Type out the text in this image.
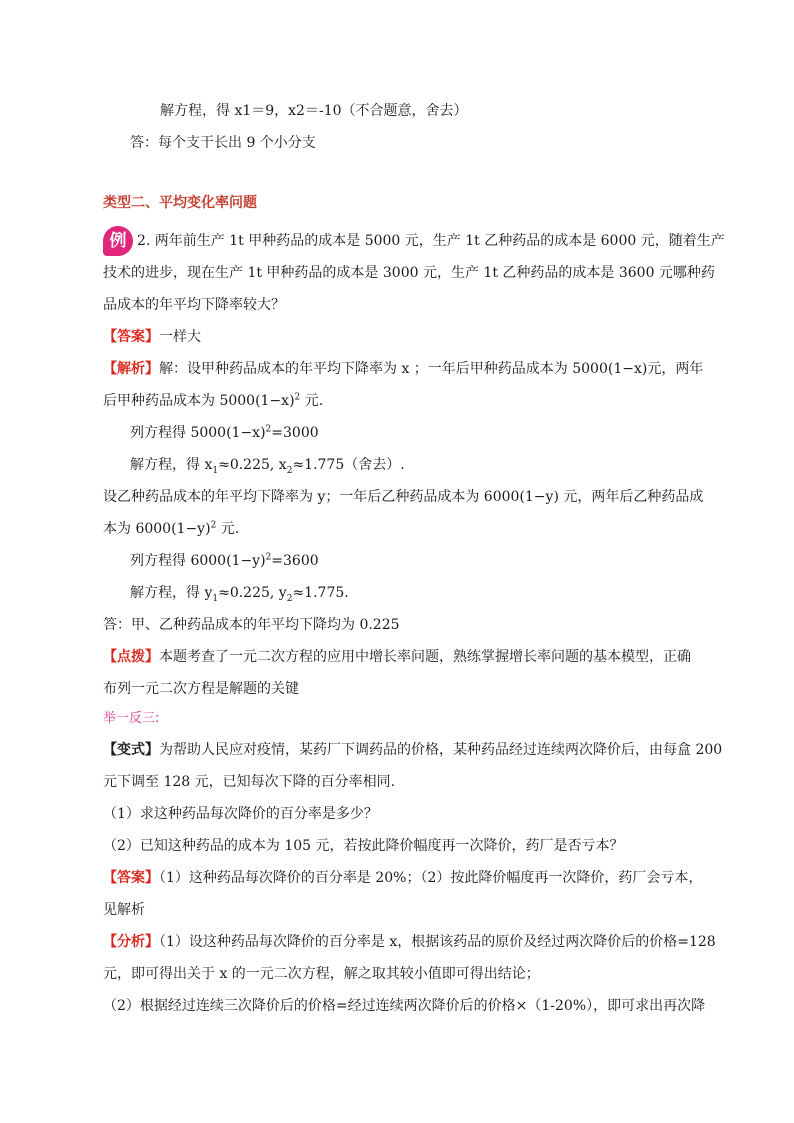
解方程，得 x1＝9，x2＝-10（不合题意，舍去）
答：每个支干长出 9 个小分支
类型二、平均变化率问题
例 2. 两年前生产 1t 甲种药品的成本是 5000 元，生产 1t 乙种药品的成本是 6000 元，随着生产
技术的进步，现在生产 1t 甲种药品的成本是 3000 元，生产 1t 乙种药品的成本是 3600 元哪种药
品成本的年平均下降率较大？
【答案】一样大
【解析】解：设甲种药品成本的年平均下降率为 x ；一年后甲种药品成本为 5000(1−x)元，两年
后甲种药品成本为 $5000(1-x)^2$ 元.
列方程得 $5000(1-x)^2=3000$
解方程，得 $x_1\approx 0.225$, $x_2\approx 1.775$（舍去）.
设乙种药品成本的年平均下降率为 y；一年后乙种药品成本为 6000(1−y) 元，两年后乙种药品成
本为 $6000(1-y)^2$ 元.
列方程得 $6000(1-y)^2=3600$
解方程，得 $y_1\approx 0.225$, $y_2\approx 1.775$.
答：甲、乙种药品成本的年平均下降均为 0.225
【点拨】本题考查了一元二次方程的应用中增长率问题，熟练掌握增长率问题的基本模型，正确
布列一元二次方程是解题的关键
举一反三:
【变式】为帮助人民应对疫情，某药厂下调药品的价格，某种药品经过连续两次降价后，由每盒 200
元下调至 128 元，已知每次下降的百分率相同.
（1）求这种药品每次降价的百分率是多少？
（2）已知这种药品的成本为 105 元，若按此降价幅度再一次降价，药厂是否亏本？
【答案】（1）这种药品每次降价的百分率是 20%；（2）按此降价幅度再一次降价，药厂会亏本，
见解析
【分析】（1）设这种药品每次降价的百分率是 x，根据该药品的原价及经过两次降价后的价格=128
元，即可得出关于 x 的一元二次方程，解之取其较小值即可得出结论；
（2）根据经过连续三次降价后的价格=经过连续两次降价后的价格×（1-20%），即可求出再次降
